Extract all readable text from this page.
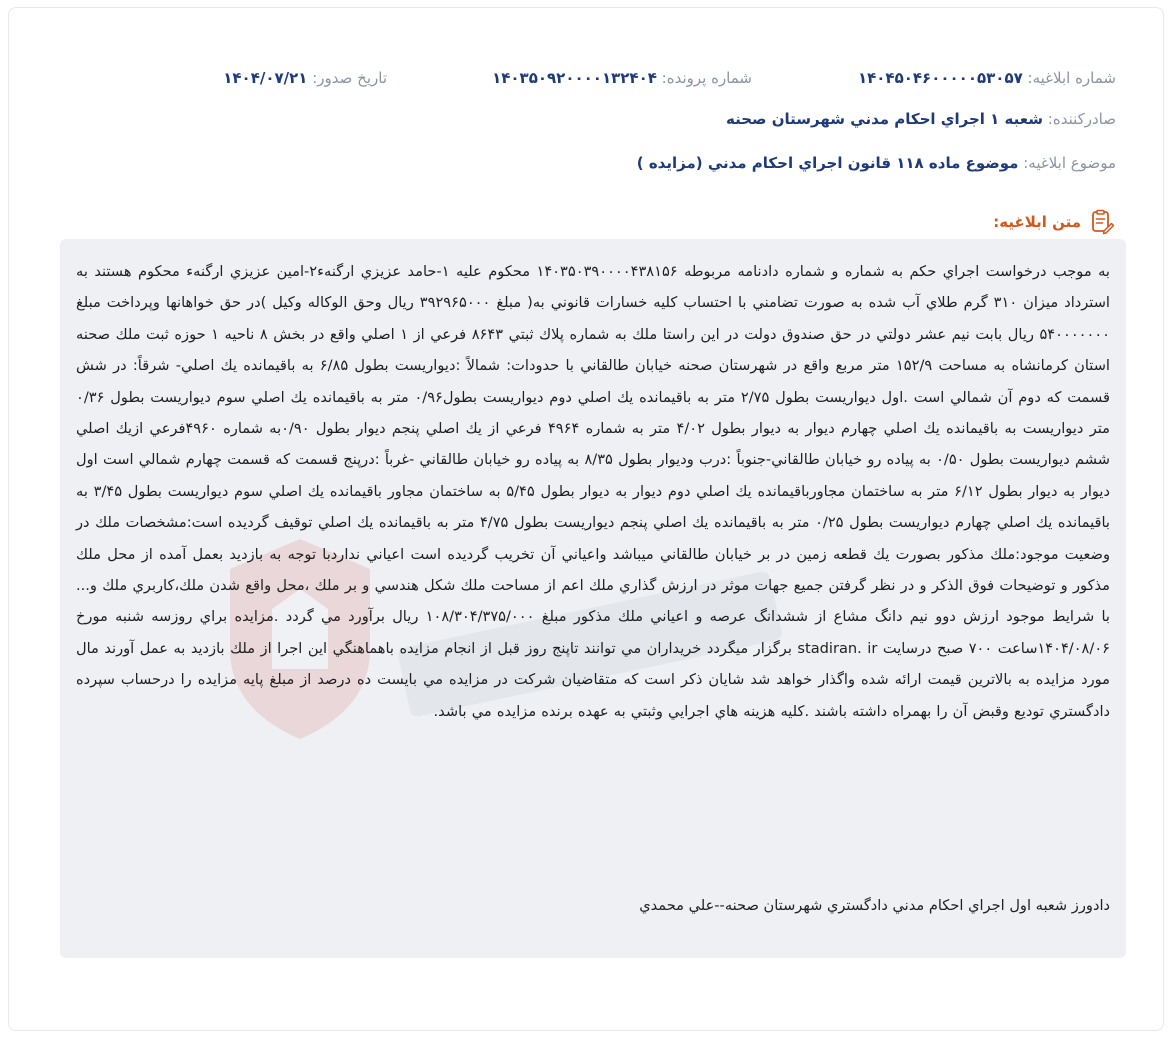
شماره ابلاغيه: ۱۴۰۴۵۰۴۶۰۰۰۰۰۵۳۰۵۷
شماره پرونده: ۱۴۰۳۵۰۹۲۰۰۰۰۱۳۲۴۰۴
تاريخ صدور: ۱۴۰۴/۰۷/۲۱
صادرکننده: شعبه ۱ اجراي احکام مدني شهرستان صحنه
موضوع ابلاغيه: موضوع ماده ۱۱۸ قانون اجراي احکام مدني (مزايده )
متن ابلاغيه:
به موجب درخواست اجراي حکم به شماره و شماره دادنامه مربوطه ۱۴۰۳۵۰۳۹۰۰۰۰۴۳۸۱۵۶ محکوم عليه ۱-حامد عزيزي ارگنهء۲-امين عزيزي ارگنهء محکوم هستند به استرداد ميزان ۳۱۰ گرم طلاي آب شده به صورت تضامني با احتساب کليه خسارات قانوني به( مبلغ ۳۹۲۹۶۵۰۰۰ ريال وحق الوکاله وکيل )در حق خواهانها وپرداخت مبلغ ۵۴۰۰۰۰۰۰۰ ريال بابت نيم عشر دولتي در حق صندوق دولت در اين راستا ملك به شماره پلاك ثبتي ۸۶۴۳ فرعي از ۱ اصلي واقع در بخش ۸ ناحيه ۱ حوزه ثبت ملك صحنه استان كرمانشاه به مساحت ۱۵۲/۹ متر مربع واقع در شهرستان صحنه خيابان طالقاني با حدودات: شمالاً :ديواريست بطول ۶/۸۵ به باقيمانده يك اصلي- شرقاً: در شش قسمت كه دوم آن شمالي است .اول ديواريست بطول ۲/۷۵ متر به باقيمانده يك اصلي دوم ديواريست بطول۰/۹۶ متر به باقيمانده يك اصلي سوم ديواريست بطول ۰/۳۶ متر ديواريست به باقيمانده يك اصلي چهارم ديوار به ديوار بطول ۴/۰۲ متر به شماره ۴۹۶۴ فرعي از يك اصلي پنجم ديوار بطول ۰/۹۰به شماره ۴۹۶۰فرعي ازيك اصلي ششم ديواريست بطول ۰/۵۰ به پياده رو خيابان طالقاني-جنوباً :درب وديوار بطول ۸/۳۵ به پياده رو خيابان طالقاني -غرباً :درپنج قسمت كه قسمت چهارم شمالي است اول ديوار به ديوار بطول ۶/۱۲ متر به ساختمان مجاورباقيمانده يك اصلي دوم ديوار به ديوار بطول ۵/۴۵ به ساختمان مجاور باقيمانده يك اصلي سوم ديواريست بطول ۳/۴۵ به باقيمانده يك اصلي چهارم ديواريست بطول ۰/۲۵ متر به باقيمانده يك اصلي پنجم ديواريست بطول ۴/۷۵ متر به باقيمانده يك اصلي توقيف گرديده است:مشخصات ملك در وضعيت موجود:ملك مذكور بصورت يك قطعه زمين در بر خيابان طالقاني ميباشد واعياني آن تخريب گرديده است اعياني نداردبا توجه به بازديد بعمل آمده از محل ملك مذكور و توضيحات فوق الذكر و در نظر گرفتن جميع جهات موثر در ارزش گذاري ملك اعم از مساحت ملك شكل هندسي و بر ملك ،محل واقع شدن ملك،كاربري ملك و... با شرايط موجود ارزش دوو نيم دانگ مشاع از ششدانگ عرصه و اعياني ملك مذكور مبلغ ۱۰۸/۳۰۴/۳۷۵/۰۰۰ ريال برآورد مي گردد .مزايده براي روزسه شنبه مورخ ۱۴۰۴/۰۸/۰۶ساعت ۷۰۰ صبح درسايت stadiran. ir برگزار ميگردد خريداران مي توانند تاپنج روز قبل از انجام مزايده باهماهنگي اين اجرا از ملك بازديد به عمل آورند مال مورد مزايده به بالاترين قيمت ارائه شده واگذار خواهد شد شايان ذكر است كه متقاضيان شركت در مزايده مي بايست ده درصد از مبلغ پايه مزايده را درحساب سپرده دادگستري توديع وقبض آن را بهمراه داشته باشند .كليه هزينه هاي اجرايي وثبتي به عهده برنده مزايده مي باشد.
دادورز شعبه اول اجراي احكام مدني دادگستري شهرستان صحنه--علي محمدي
